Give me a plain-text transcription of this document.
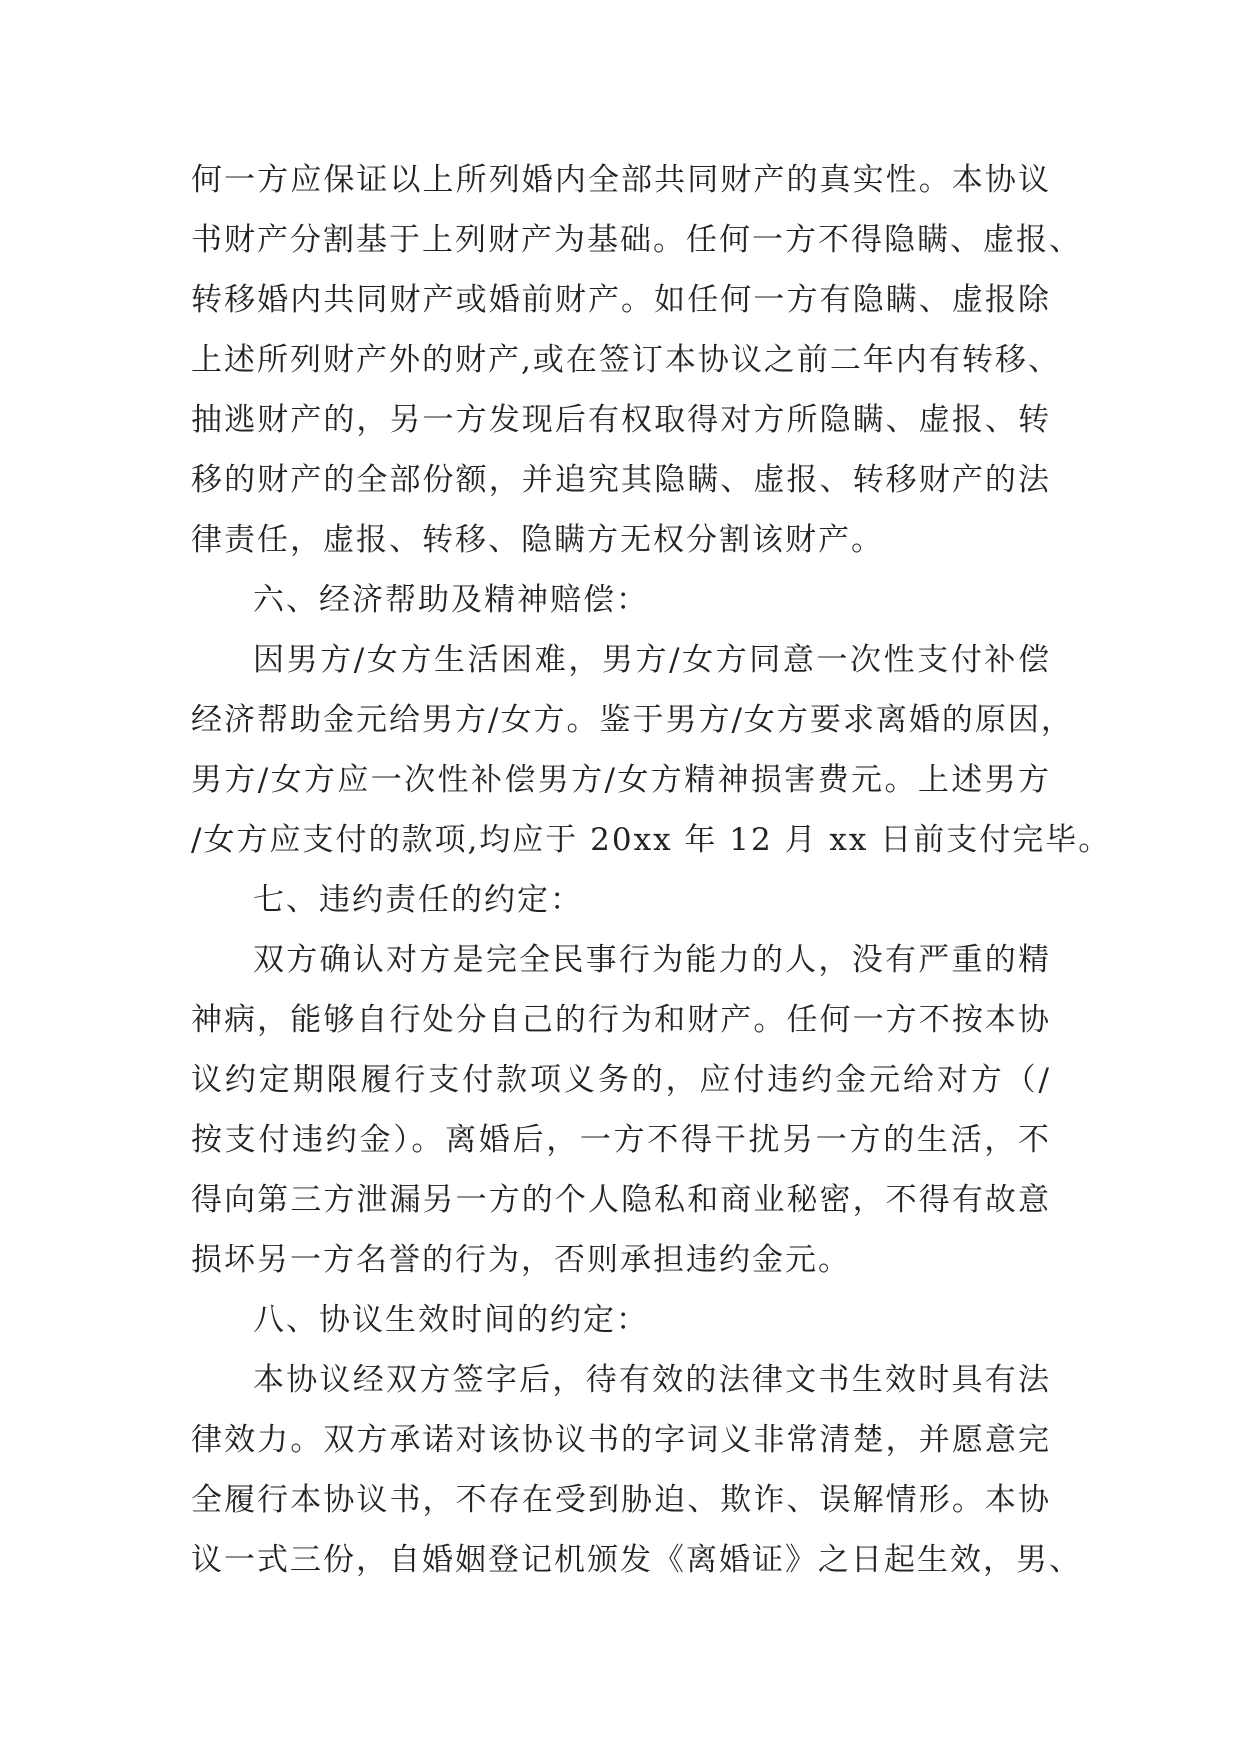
何一方应保证以上所列婚内全部共同财产的真实性。本协议
书财产分割基于上列财产为基础。任何一方不得隐瞒、虚报、
转移婚内共同财产或婚前财产。如任何一方有隐瞒、虚报除
上述所列财产外的财产,或在签订本协议之前二年内有转移、
抽逃财产的，另一方发现后有权取得对方所隐瞒、虚报、转
移的财产的全部份额，并追究其隐瞒、虚报、转移财产的法
律责任，虚报、转移、隐瞒方无权分割该财产。
六、经济帮助及精神赔偿：
因男方/女方生活困难，男方/女方同意一次性支付补偿
经济帮助金元给男方/女方。鉴于男方/女方要求离婚的原因，
男方/女方应一次性补偿男方/女方精神损害费元。上述男方
/女方应支付的款项,均应于 20xx 年 12 月 xx 日前支付完毕。
七、违约责任的约定：
双方确认对方是完全民事行为能力的人，没有严重的精
神病，能够自行处分自己的行为和财产。任何一方不按本协
议约定期限履行支付款项义务的，应付违约金元给对方（/
按支付违约金）。离婚后，一方不得干扰另一方的生活，不
得向第三方泄漏另一方的个人隐私和商业秘密，不得有故意
损坏另一方名誉的行为，否则承担违约金元。
八、协议生效时间的约定：
本协议经双方签字后，待有效的法律文书生效时具有法
律效力。双方承诺对该协议书的字词义非常清楚，并愿意完
全履行本协议书，不存在受到胁迫、欺诈、误解情形。本协
议一式三份，自婚姻登记机颁发《离婚证》之日起生效，男、
